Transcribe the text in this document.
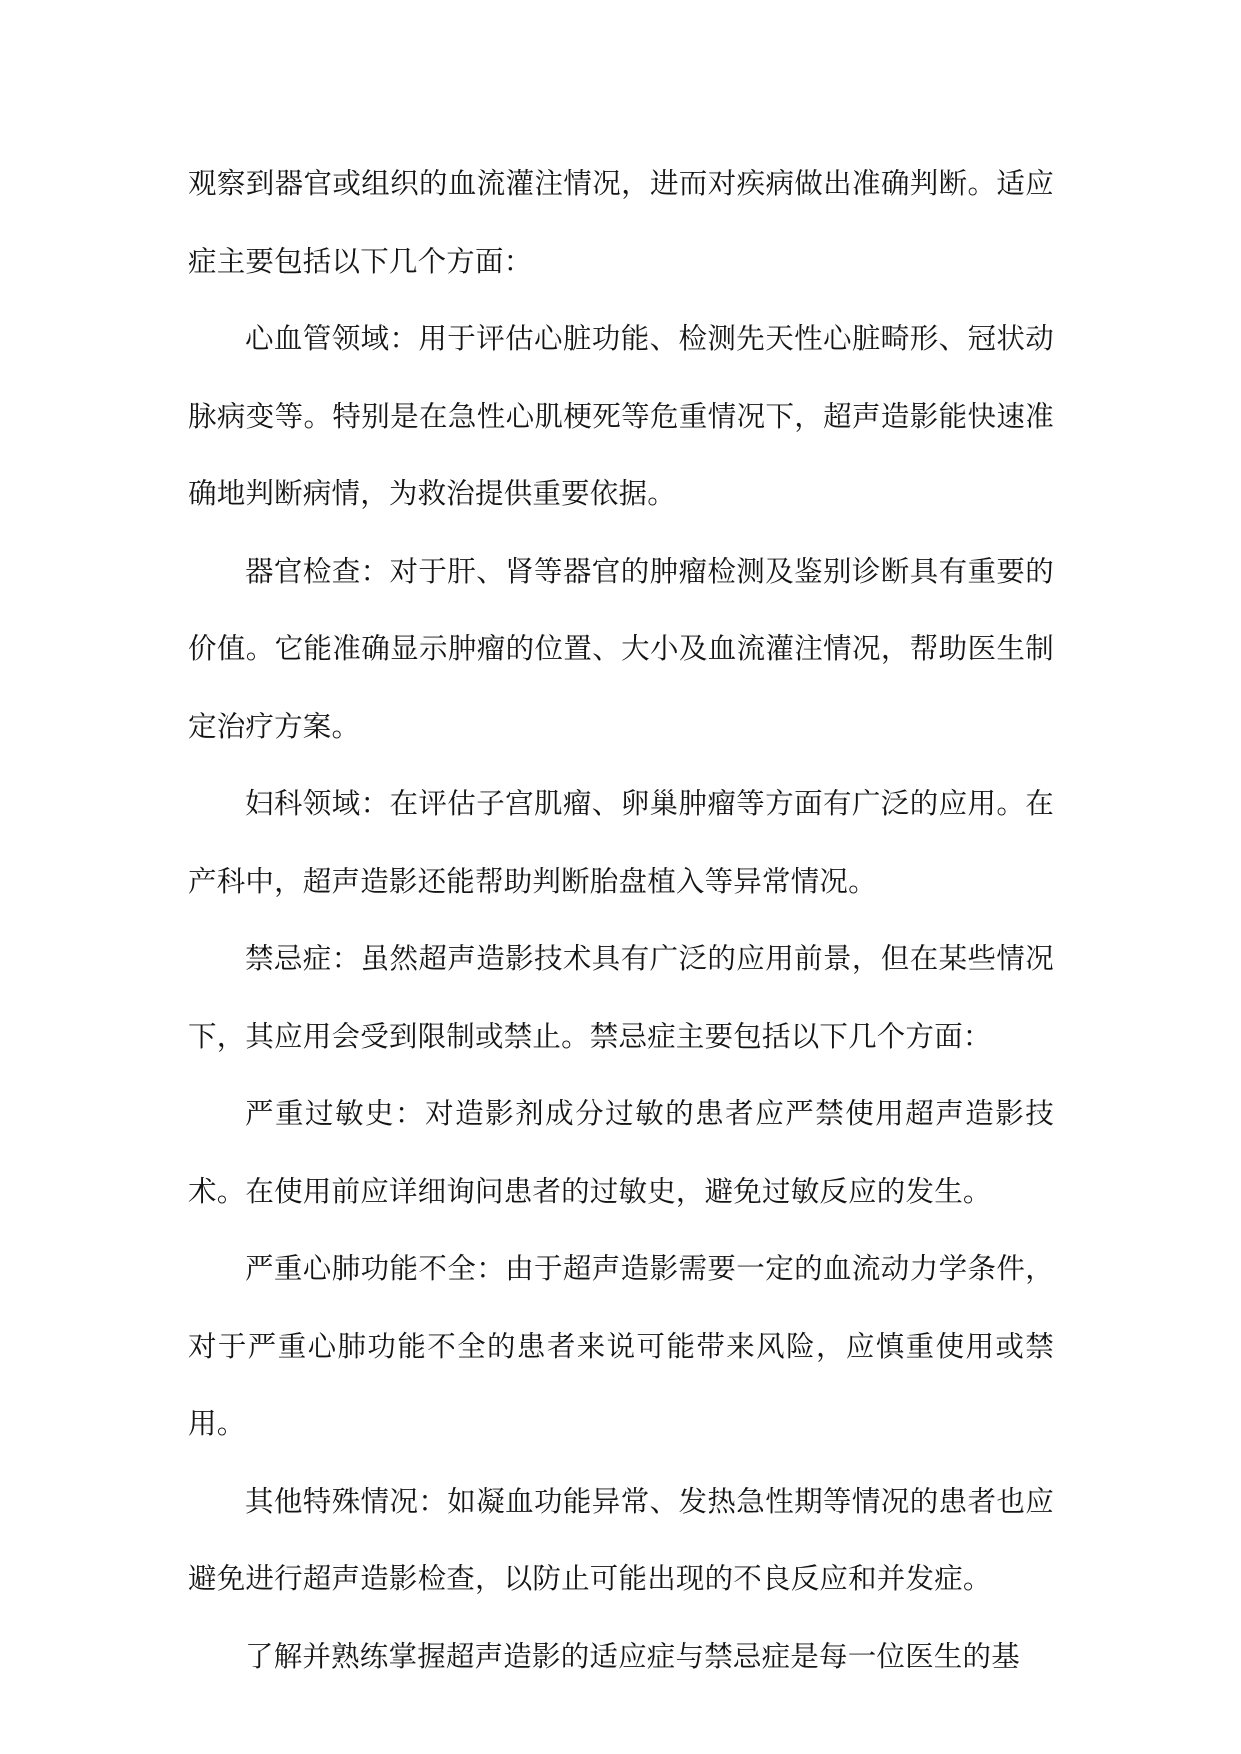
观察到器官或组织的血流灌注情况，进而对疾病做出准确判断。适应症主要包括以下几个方面：

心血管领域：用于评估心脏功能、检测先天性心脏畸形、冠状动脉病变等。特别是在急性心肌梗死等危重情况下，超声造影能快速准确地判断病情，为救治提供重要依据。

器官检查：对于肝、肾等器官的肿瘤检测及鉴别诊断具有重要的价值。它能准确显示肿瘤的位置、大小及血流灌注情况，帮助医生制定治疗方案。

妇科领域：在评估子宫肌瘤、卵巢肿瘤等方面有广泛的应用。在产科中，超声造影还能帮助判断胎盘植入等异常情况。

禁忌症：虽然超声造影技术具有广泛的应用前景，但在某些情况下，其应用会受到限制或禁止。禁忌症主要包括以下几个方面：

严重过敏史：对造影剂成分过敏的患者应严禁使用超声造影技术。在使用前应详细询问患者的过敏史，避免过敏反应的发生。

严重心肺功能不全：由于超声造影需要一定的血流动力学条件，对于严重心肺功能不全的患者来说可能带来风险，应慎重使用或禁用。

其他特殊情况：如凝血功能异常、发热急性期等情况的患者也应避免进行超声造影检查，以防止可能出现的不良反应和并发症。

了解并熟练掌握超声造影的适应症与禁忌症是每一位医生的基
